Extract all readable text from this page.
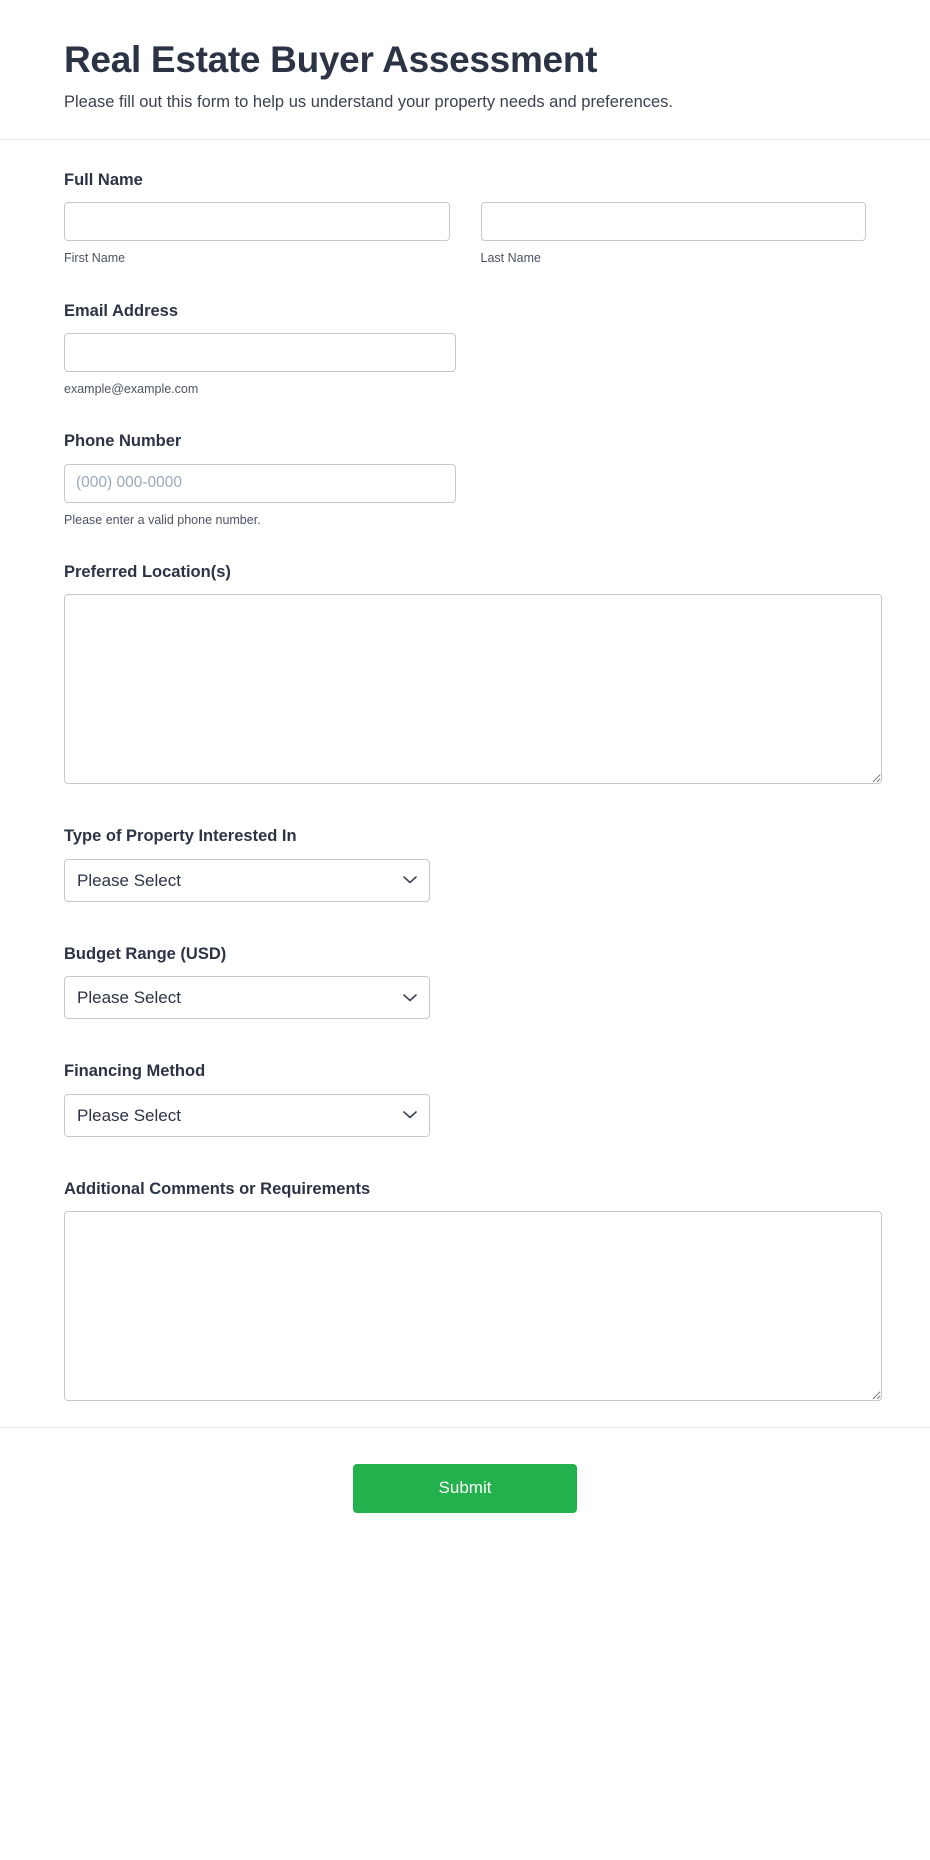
Real Estate Buyer Assessment

Please fill out this form to help us understand your property needs and preferences.

Full Name
First Name	Last Name
Email Address
example@example.com
Phone Number
(000) 000-0000
Please enter a valid phone number.
Preferred Location(s)
Type of Property Interested In
Please Select
Budget Range (USD)
Please Select
Financing Method
Please Select
Additional Comments or Requirements
Submit
